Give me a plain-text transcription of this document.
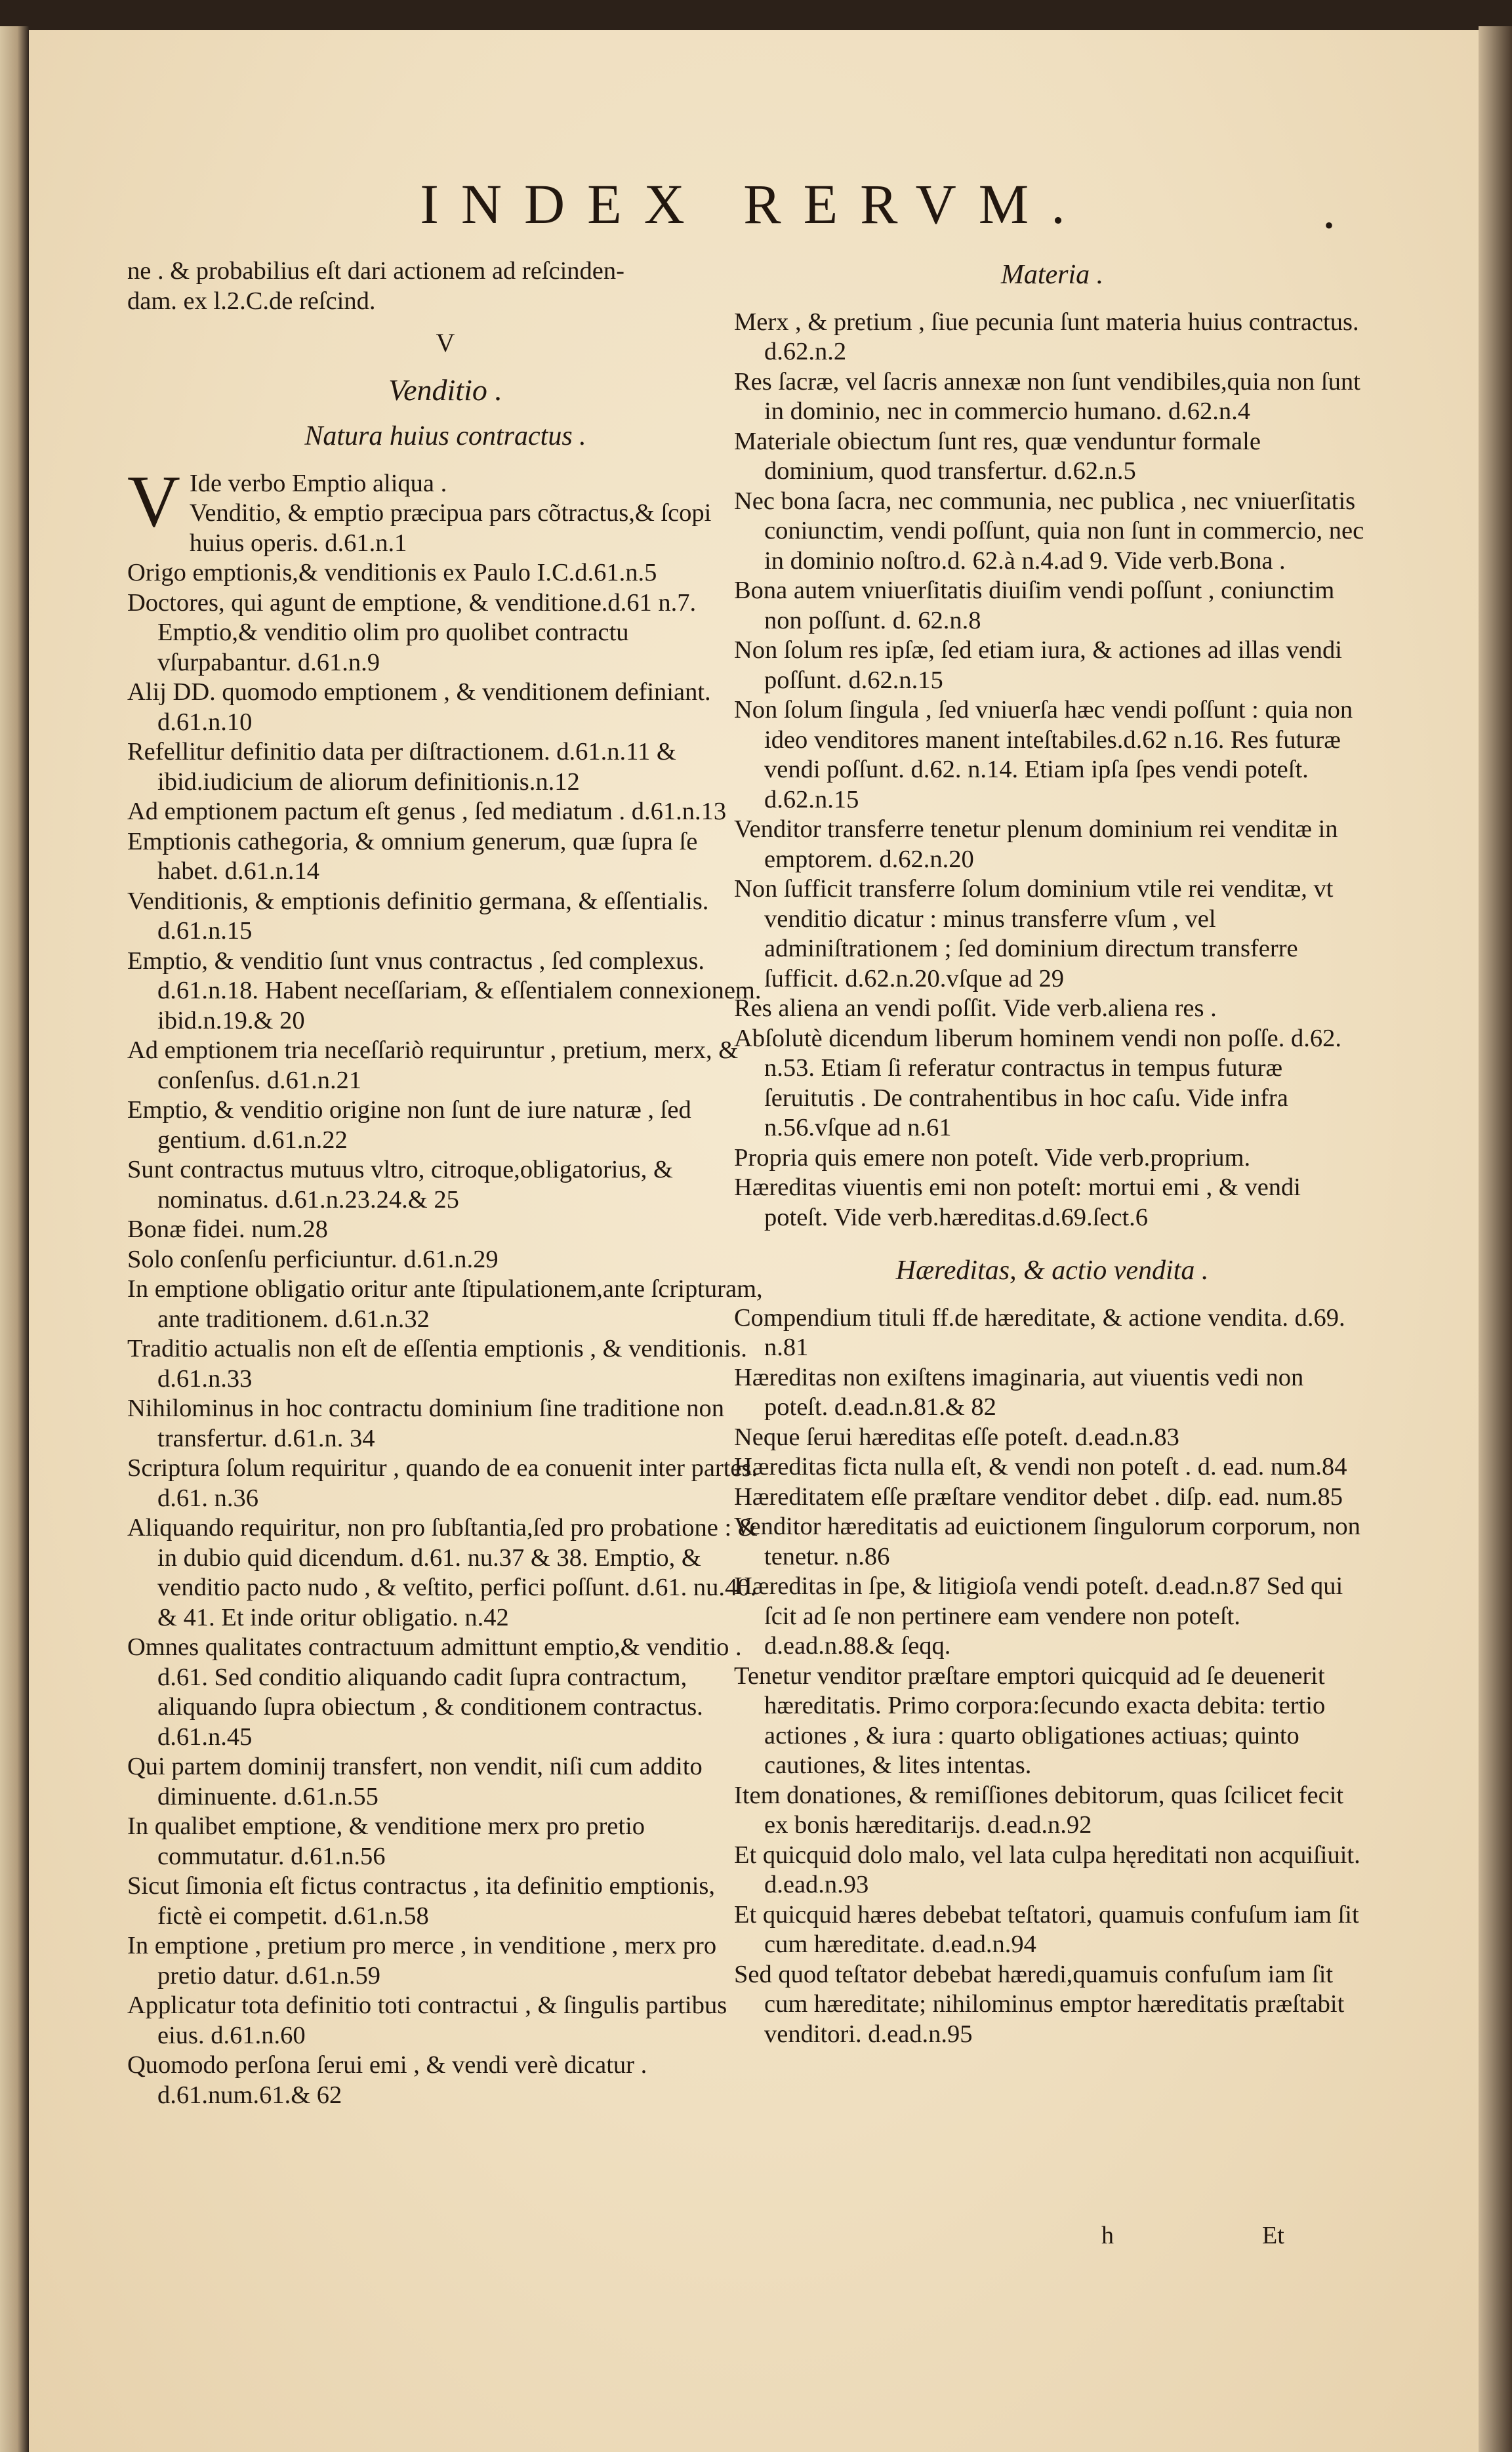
INDEX RERVM.	•

ne . & probabilius eſt dari actionem ad reſcinden-

dam. ex l.2.C.de reſcind.

V
Venditio .
Natura huius contractus .

V Ide verbo Emptio aliqua .
Venditio, & emptio præcipua pars cõtractus,& ſcopi huius operis. d.61.n.1

Origo emptionis,& venditionis ex Paulo I.C.d.61.n.5

Doctores, qui agunt de emptione, & venditione.d.61 n.7. Emptio,& venditio olim pro quolibet contractu vſurpabantur. d.61.n.9

Alij DD. quomodo emptionem , & venditionem definiant. d.61.n.10

Refellitur definitio data per diſtractionem. d.61.n.11 & ibid.iudicium de aliorum definitionis.n.12

Ad emptionem pactum eſt genus , ſed mediatum . d.61.n.13

Emptionis cathegoria, & omnium generum, quæ ſupra ſe habet. d.61.n.14

Venditionis, & emptionis definitio germana, & eſſentialis. d.61.n.15

Emptio, & venditio ſunt vnus contractus , ſed complexus. d.61.n.18. Habent neceſſariam, & eſſentialem connexionem. ibid.n.19.& 20

Ad emptionem tria neceſſariò requiruntur , pretium, merx, & conſenſus. d.61.n.21

Emptio, & venditio origine non ſunt de iure naturæ , ſed gentium. d.61.n.22

Sunt contractus mutuus vltro, citroque,obligatorius, & nominatus. d.61.n.23.24.& 25

Bonæ fidei. num.28

Solo conſenſu perficiuntur. d.61.n.29

In emptione obligatio oritur ante ſtipulationem,ante ſcripturam, ante traditionem. d.61.n.32

Traditio actualis non eſt de eſſentia emptionis , & venditionis. d.61.n.33

Nihilominus in hoc contractu dominium ſine traditione non transfertur. d.61.n. 34

Scriptura ſolum requiritur , quando de ea conuenit inter partes. d.61. n.36

Aliquando requiritur, non pro ſubſtantia,ſed pro probatione : & in dubio quid dicendum. d.61. nu.37 & 38. Emptio, & venditio pacto nudo , & veſtito, perfici poſſunt. d.61. nu.40. & 41. Et inde oritur obligatio. n.42

Omnes qualitates contractuum admittunt emptio,& venditio . d.61. Sed conditio aliquando cadit ſupra contractum, aliquando ſupra obiectum , & conditionem contractus. d.61.n.45

Qui partem dominij transfert, non vendit, niſi cum addito diminuente. d.61.n.55

In qualibet emptione, & venditione merx pro pretio commutatur. d.61.n.56

Sicut ſimonia eſt fictus contractus , ita definitio emptionis, fictè ei competit. d.61.n.58

In emptione , pretium pro merce , in venditione , merx pro pretio datur. d.61.n.59

Applicatur tota definitio toti contractui , & ſingulis partibus eius. d.61.n.60

Quomodo perſona ſerui emi , & vendi verè dicatur . d.61.num.61.& 62

Materia .

Merx , & pretium , ſiue pecunia ſunt materia huius contractus. d.62.n.2

Res ſacræ, vel ſacris annexæ non ſunt vendibiles,quia non ſunt in dominio, nec in commercio humano. d.62.n.4

Materiale obiectum ſunt res, quæ venduntur formale dominium, quod transfertur. d.62.n.5

Nec bona ſacra, nec communia, nec publica , nec vniuerſitatis coniunctim, vendi poſſunt, quia non ſunt in commercio, nec in dominio noſtro.d. 62.à n.4.ad 9. Vide verb.Bona .

Bona autem vniuerſitatis diuiſim vendi poſſunt , coniunctim non poſſunt. d. 62.n.8

Non ſolum res ipſæ, ſed etiam iura, & actiones ad illas vendi poſſunt. d.62.n.15

Non ſolum ſingula , ſed vniuerſa hæc vendi poſſunt : quia non ideo venditores manent inteſtabiles.d.62 n.16. Res futuræ vendi poſſunt. d.62. n.14. Etiam ipſa ſpes vendi poteſt. d.62.n.15

Venditor transferre tenetur plenum dominium rei venditæ in emptorem. d.62.n.20

Non ſufficit transferre ſolum dominium vtile rei venditæ, vt venditio dicatur : minus transferre vſum , vel adminiſtrationem ; ſed dominium directum transferre ſufficit. d.62.n.20.vſque ad 29

Res aliena an vendi poſſit. Vide verb.aliena res .

Abſolutè dicendum liberum hominem vendi non poſſe. d.62. n.53. Etiam ſi referatur contractus in tempus futuræ ſeruitutis . De contrahentibus in hoc caſu. Vide infra n.56.vſque ad n.61

Propria quis emere non poteſt. Vide verb.proprium.

Hæreditas viuentis emi non poteſt: mortui emi , & vendi poteſt. Vide verb.hæreditas.d.69.ſect.6

Hæreditas, & actio vendita .

Compendium tituli ff.de hæreditate, & actione vendita. d.69. n.81

Hæreditas non exiſtens imaginaria, aut viuentis vedi non poteſt. d.ead.n.81.& 82

Neque ſerui hæreditas eſſe poteſt. d.ead.n.83

Hæreditas ficta nulla eſt, & vendi non poteſt . d. ead. num.84

Hæreditatem eſſe præſtare venditor debet . diſp. ead. num.85

Venditor hæreditatis ad euictionem ſingulorum corporum, non tenetur. n.86

Hæreditas in ſpe, & litigioſa vendi poteſt. d.ead.n.87 Sed qui ſcit ad ſe non pertinere eam vendere non poteſt. d.ead.n.88.& ſeqq.

Tenetur venditor præſtare emptori quicquid ad ſe deuenerit hæreditatis. Primo corpora:ſecundo exacta debita: tertio actiones , & iura : quarto obligationes actiuas; quinto cautiones, & lites intentas.

Item donationes, & remiſſiones debitorum, quas ſcilicet fecit ex bonis hæreditarijs. d.ead.n.92

Et quicquid dolo malo, vel lata culpa hęreditati non acquiſiuit. d.ead.n.93

Et quicquid hæres debebat teſtatori, quamuis confuſum iam ſit cum hæreditate. d.ead.n.94

Sed quod teſtator debebat hæredi,quamuis confuſum iam ſit cum hæreditate; nihilominus emptor hæreditatis præſtabit venditori. d.ead.n.95

h	Et
